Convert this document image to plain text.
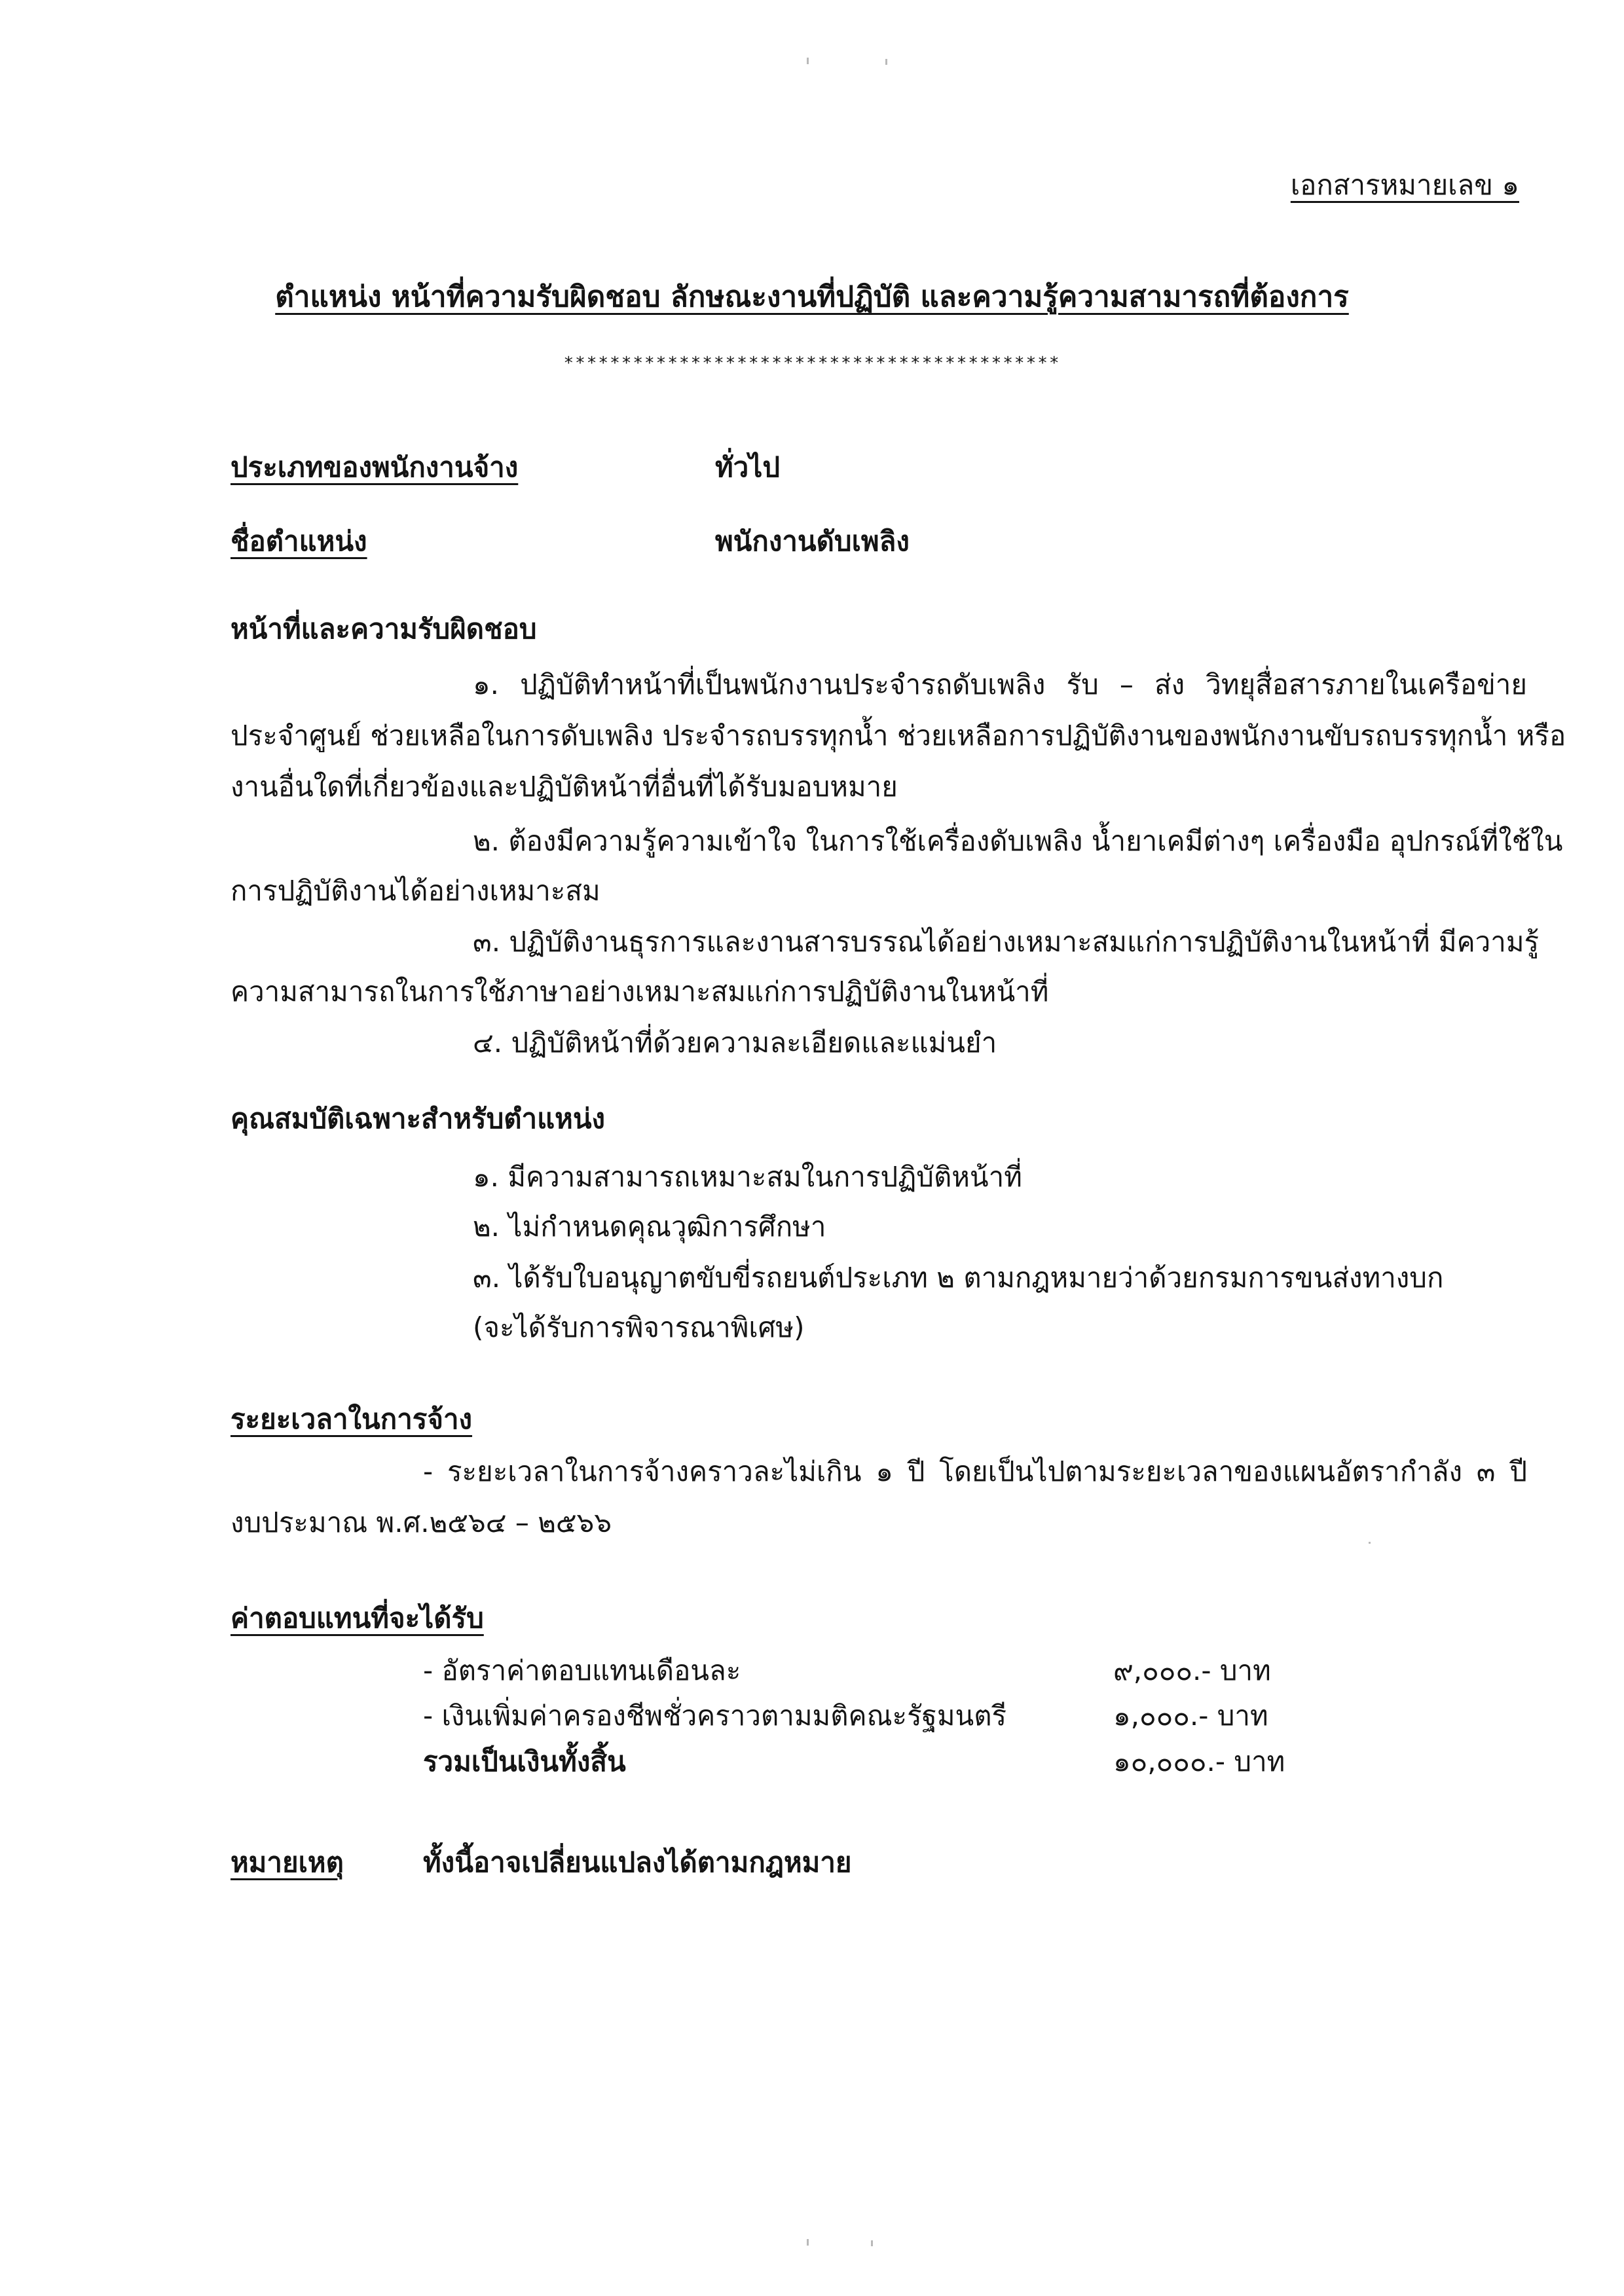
เอกสารหมายเลข ๑
ตำแหน่ง หน้าที่ความรับผิดชอบ ลักษณะงานที่ปฏิบัติ และความรู้ความสามารถที่ต้องการ
*******************************************
ประเภทของพนักงานจ้าง	ทั่วไป
ชื่อตำแหน่ง	พนักงานดับเพลิง
หน้าที่และความรับผิดชอบ
๑. ปฏิบัติทำหน้าที่เป็นพนักงานประจำรถดับเพลิง รับ – ส่ง วิทยุสื่อสารภายในเครือข่าย
ประจำศูนย์ ช่วยเหลือในการดับเพลิง ประจำรถบรรทุกน้ำ ช่วยเหลือการปฏิบัติงานของพนักงานขับรถบรรทุกน้ำ หรือ
งานอื่นใดที่เกี่ยวข้องและปฏิบัติหน้าที่อื่นที่ได้รับมอบหมาย
๒. ต้องมีความรู้ความเข้าใจ ในการใช้เครื่องดับเพลิง น้ำยาเคมีต่างๆ เครื่องมือ อุปกรณ์ที่ใช้ใน
การปฏิบัติงานได้อย่างเหมาะสม
๓. ปฏิบัติงานธุรการและงานสารบรรณได้อย่างเหมาะสมแก่การปฏิบัติงานในหน้าที่ มีความรู้
ความสามารถในการใช้ภาษาอย่างเหมาะสมแก่การปฏิบัติงานในหน้าที่
๔. ปฏิบัติหน้าที่ด้วยความละเอียดและแม่นยำ
คุณสมบัติเฉพาะสำหรับตำแหน่ง
๑. มีความสามารถเหมาะสมในการปฏิบัติหน้าที่
๒. ไม่กำหนดคุณวุฒิการศึกษา
๓. ได้รับใบอนุญาตขับขี่รถยนต์ประเภท ๒ ตามกฎหมายว่าด้วยกรมการขนส่งทางบก
(จะได้รับการพิจารณาพิเศษ)
ระยะเวลาในการจ้าง
- ระยะเวลาในการจ้างคราวละไม่เกิน ๑ ปี โดยเป็นไปตามระยะเวลาของแผนอัตรากำลัง ๓ ปี
งบประมาณ พ.ศ.๒๕๖๔ – ๒๕๖๖
ค่าตอบแทนที่จะได้รับ
- อัตราค่าตอบแทนเดือนละ	๙,๐๐๐.- บาท
- เงินเพิ่มค่าครองชีพชั่วคราวตามมติคณะรัฐมนตรี	๑,๐๐๐.- บาท
รวมเป็นเงินทั้งสิ้น	๑๐,๐๐๐.- บาท
หมายเหตุ	ทั้งนี้อาจเปลี่ยนแปลงได้ตามกฎหมาย
